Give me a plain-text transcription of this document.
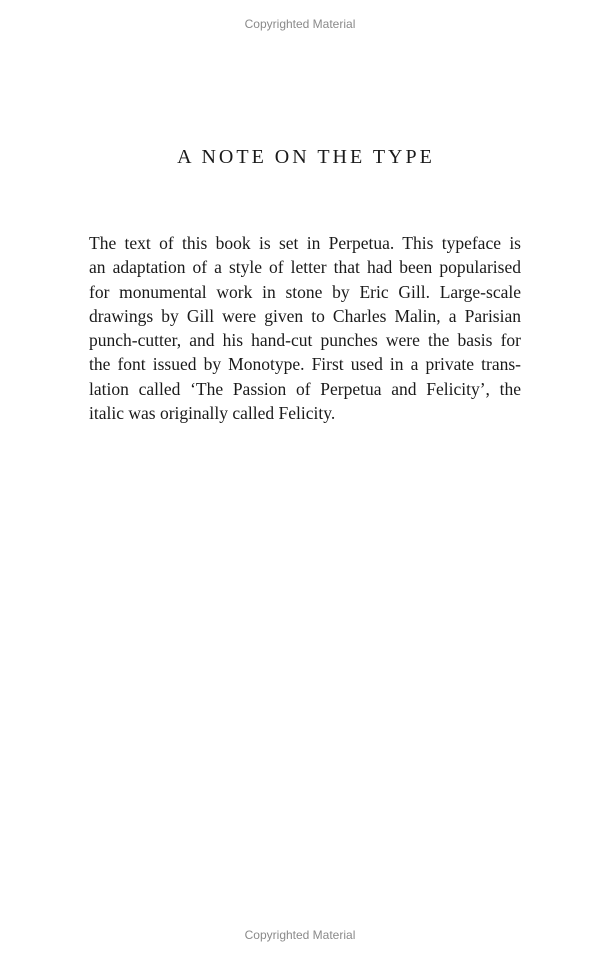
Copyrighted Material
A NOTE ON THE TYPE
The text of this book is set in Perpetua. This typeface is
an adaptation of a style of letter that had been popularised
for monumental work in stone by Eric Gill. Large-scale
drawings by Gill were given to Charles Malin, a Parisian
punch-cutter, and his hand-cut punches were the basis for
the font issued by Monotype. First used in a private trans-
lation called ‘The Passion of Perpetua and Felicity’, the
italic was originally called Felicity.
Copyrighted Material
